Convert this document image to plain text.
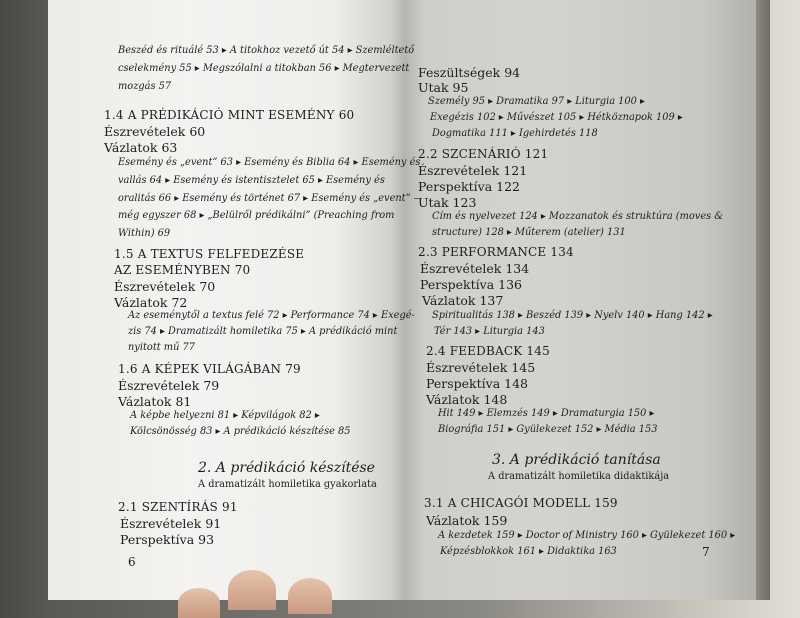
Beszéd és rituálé 53 ▸ A titokhoz vezető út 54 ▸ Szemléltető
cselekmény 55 ▸ Megszólalni a titokban 56 ▸ Megtervezett
mozgás 57
1.4 A PRÉDIKÁCIÓ MINT ESEMÉNY 60
Észrevételek 60
Vázlatok 63
Esemény és „event” 63 ▸ Esemény és Biblia 64 ▸ Esemény és
vallás 64 ▸ Esemény és istentisztelet 65 ▸ Esemény és
oralitás 66 ▸ Esemény és történet 67 ▸ Esemény és „event” –
még egyszer 68 ▸ „Belülről prédikálni” (Preaching from
Within) 69
1.5 A TEXTUS FELFEDEZÉSE
AZ ESEMÉNYBEN 70
Észrevételek 70
Vázlatok 72
Az eseménytől a textus felé 72 ▸ Performance 74 ▸ Exegé-
zis 74 ▸ Dramatizált homiletika 75 ▸ A prédikáció mint
nyitott mű 77
1.6 A KÉPEK VILÁGÁBAN 79
Észrevételek 79
Vázlatok 81
A képbe helyezni 81 ▸ Képvilágok 82 ▸
Kölcsönösség 83 ▸ A prédikáció készítése 85
2. A prédikáció készítése
A dramatizált homiletika gyakorlata
2.1 SZENTÍRÁS 91
Észrevételek 91
Perspektíva 93
6
Feszültségek 94
Utak 95
Személy 95 ▸ Dramatika 97 ▸ Liturgia 100 ▸
Exegézis 102 ▸ Művészet 105 ▸ Hétköznapok 109 ▸
Dogmatika 111 ▸ Igehirdetés 118
2.2 SZCENÁRIÓ 121
Észrevételek 121
Perspektíva 122
Utak 123
Cím és nyelvezet 124 ▸ Mozzanatok és struktúra (moves &
structure) 128 ▸ Műterem (atelier) 131
2.3 PERFORMANCE 134
Észrevételek 134
Perspektíva 136
Vázlatok 137
Spiritualitás 138 ▸ Beszéd 139 ▸ Nyelv 140 ▸ Hang 142 ▸
Tér 143 ▸ Liturgia 143
2.4 FEEDBACK 145
Észrevételek 145
Perspektíva 148
Vázlatok 148
Hit 149 ▸ Elemzés 149 ▸ Dramaturgia 150 ▸
Biográfia 151 ▸ Gyülekezet 152 ▸ Média 153
3. A prédikáció tanítása
A dramatizált homiletika didaktikája
3.1 A CHICAGÓI MODELL 159
Vázlatok 159
A kezdetek 159 ▸ Doctor of Ministry 160 ▸ Gyülekezet 160 ▸
Képzésblokkok 161 ▸ Didaktika 163	7
